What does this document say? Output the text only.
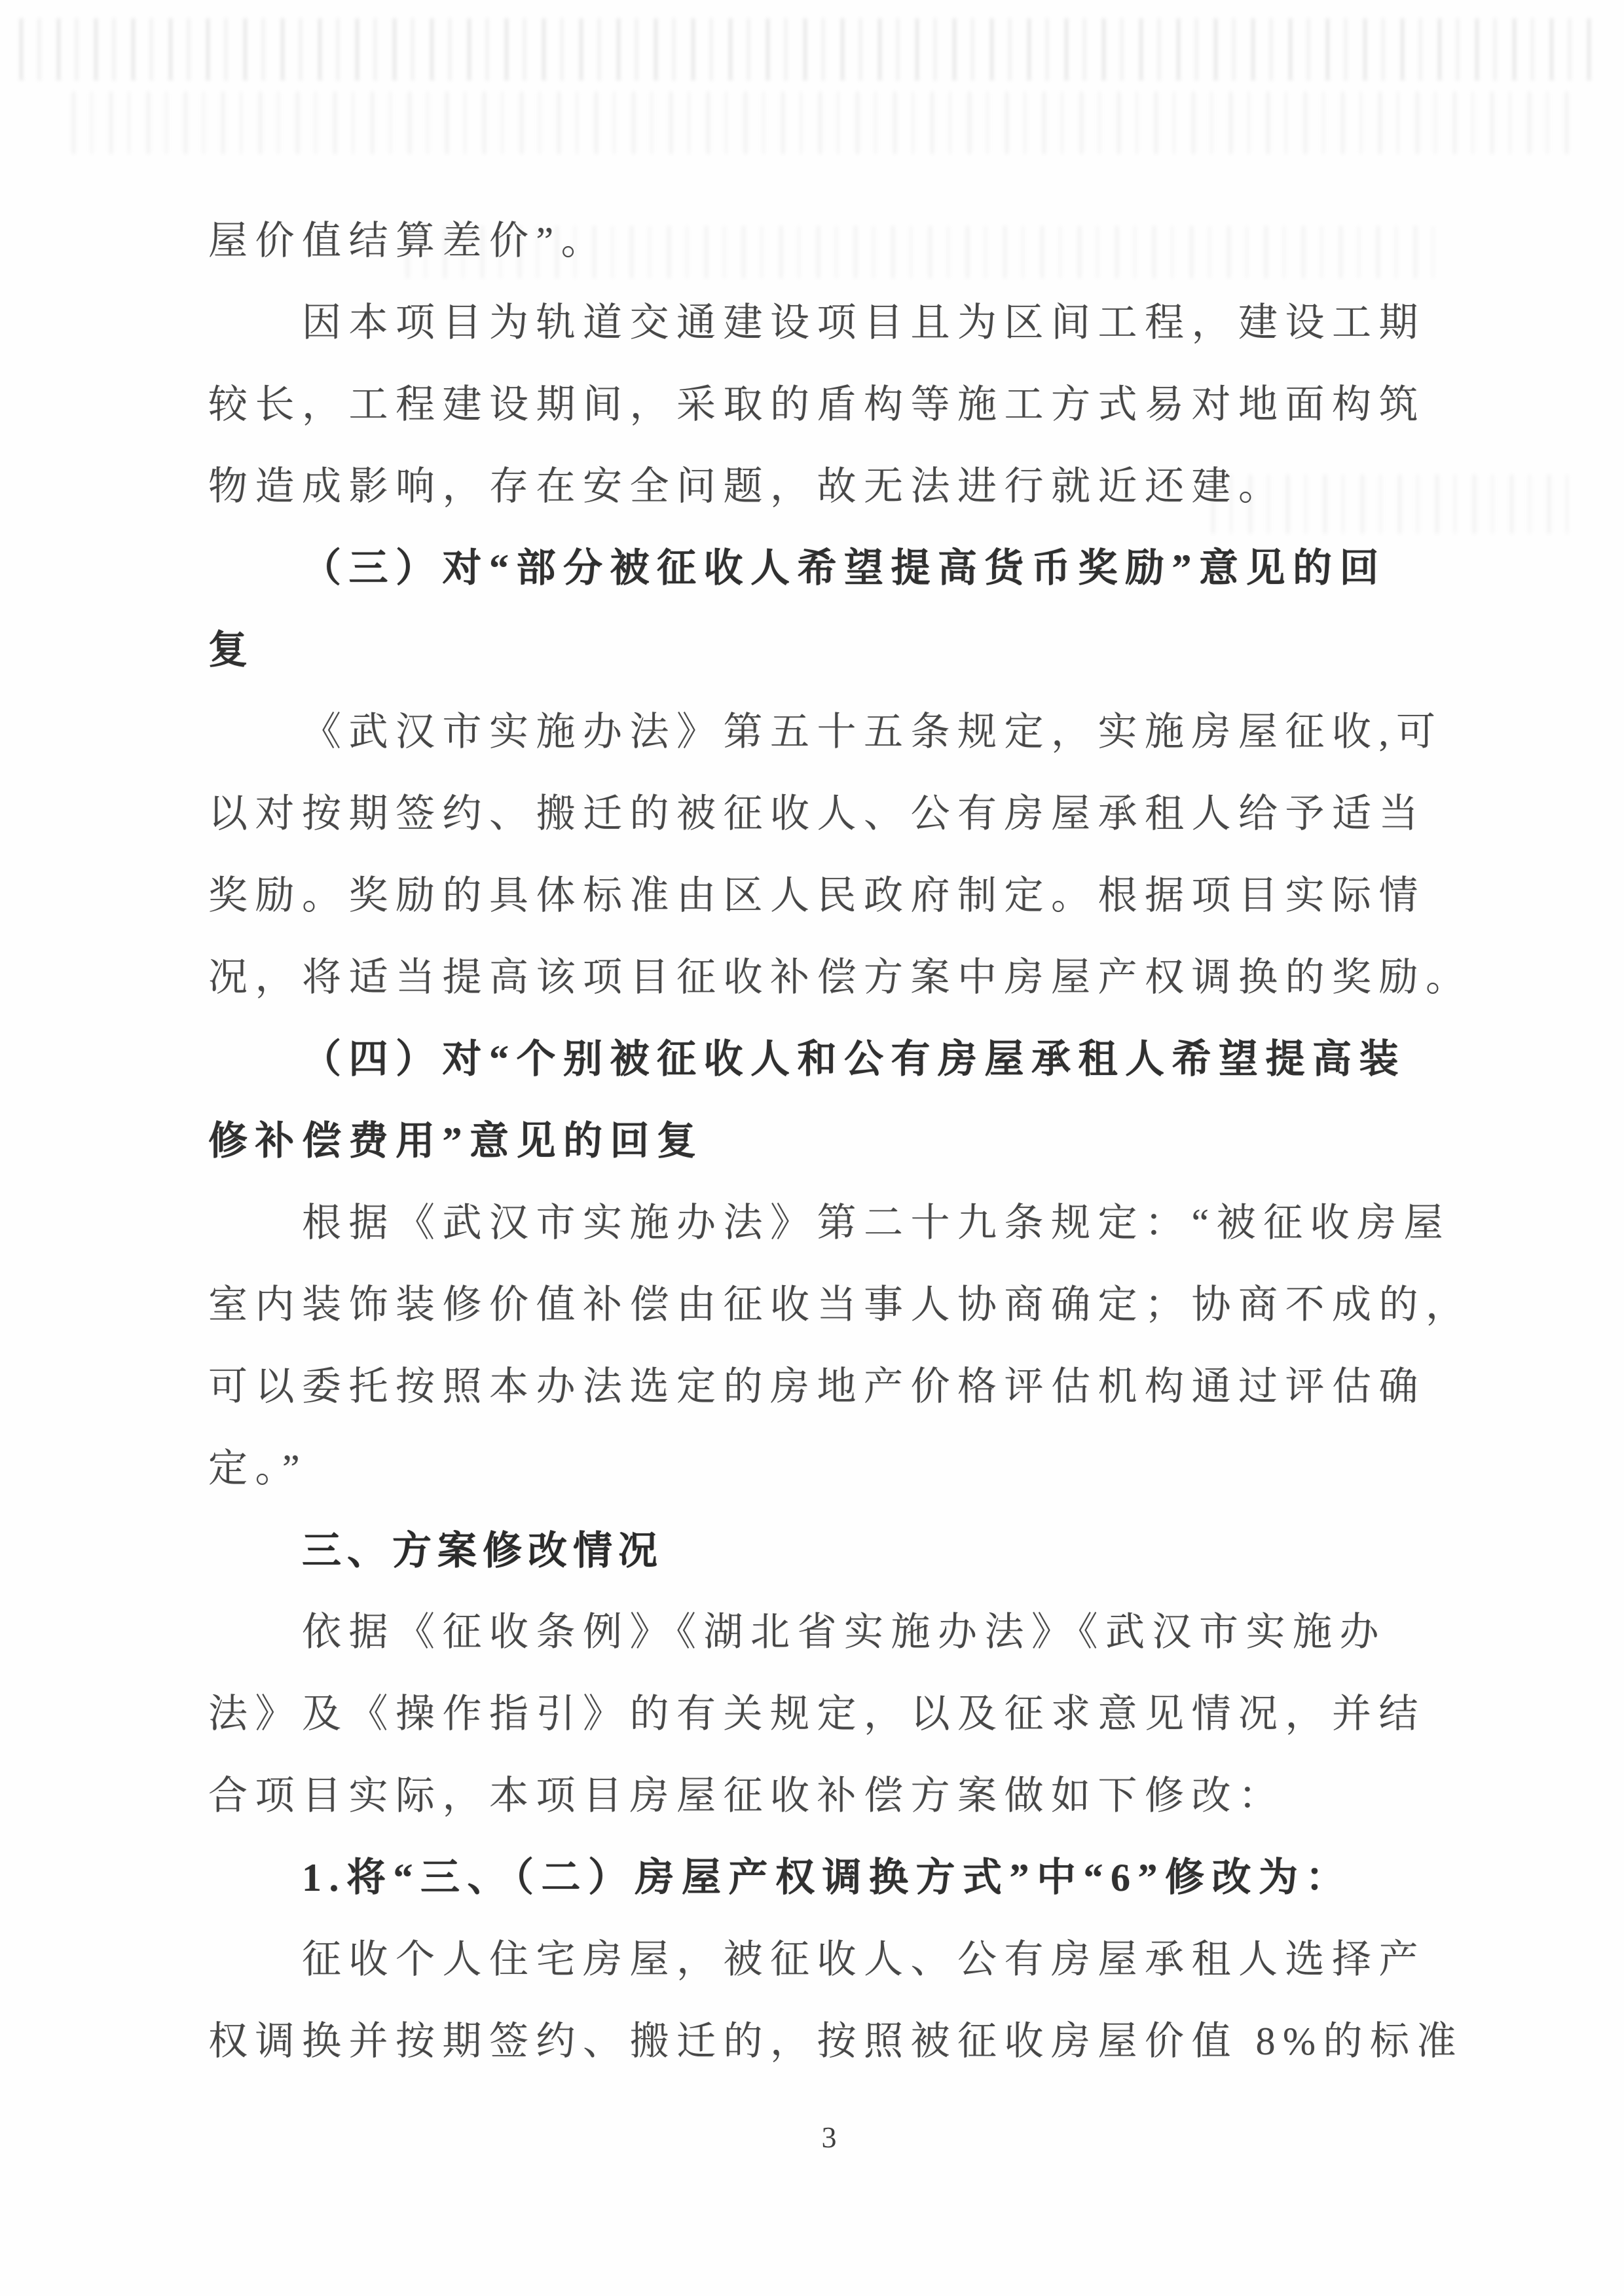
屋价值结算差价”。
因本项目为轨道交通建设项目且为区间工程，建设工期
较长，工程建设期间，采取的盾构等施工方式易对地面构筑
物造成影响，存在安全问题，故无法进行就近还建。
（三）对“部分被征收人希望提高货币奖励”意见的回
复
《武汉市实施办法》第五十五条规定，实施房屋征收,可
以对按期签约、搬迁的被征收人、公有房屋承租人给予适当
奖励。奖励的具体标准由区人民政府制定。根据项目实际情
况，将适当提高该项目征收补偿方案中房屋产权调换的奖励。
（四）对“个别被征收人和公有房屋承租人希望提高装
修补偿费用”意见的回复
根据《武汉市实施办法》第二十九条规定：“被征收房屋
室内装饰装修价值补偿由征收当事人协商确定；协商不成的，
可以委托按照本办法选定的房地产价格评估机构通过评估确
定。”
三、方案修改情况
依据《征收条例》《湖北省实施办法》《武汉市实施办
法》及《操作指引》的有关规定，以及征求意见情况，并结
合项目实际，本项目房屋征收补偿方案做如下修改：
1.将“三、（二）房屋产权调换方式”中“6”修改为：
征收个人住宅房屋，被征收人、公有房屋承租人选择产
权调换并按期签约、搬迁的，按照被征收房屋价值 8%的标准
3
